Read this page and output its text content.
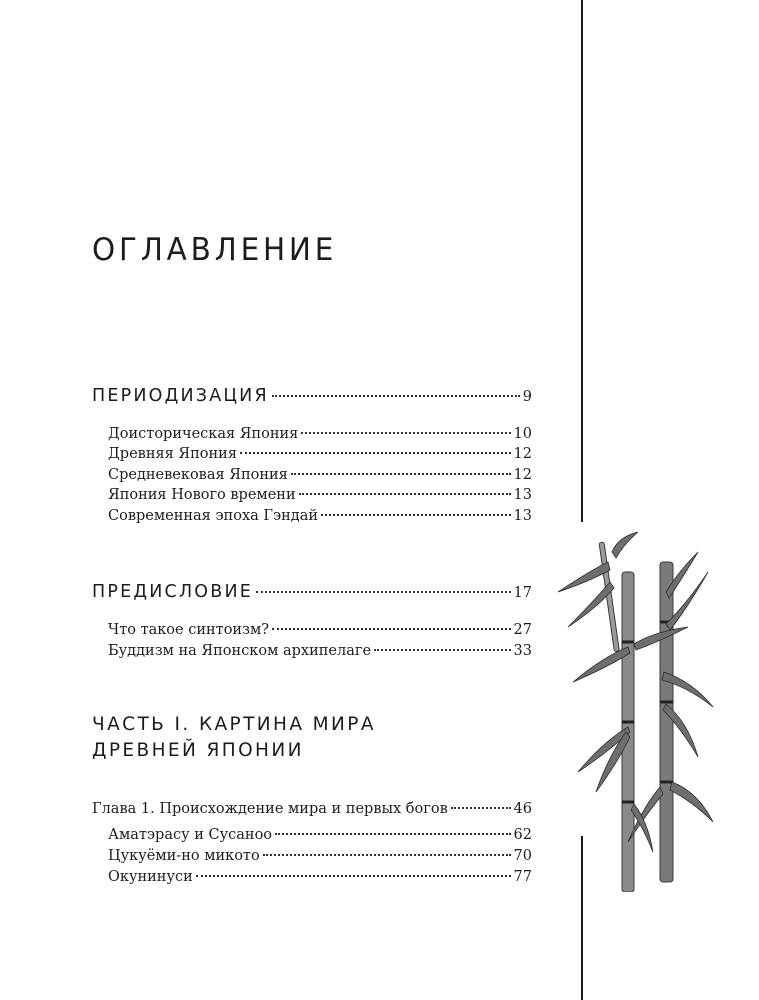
ОГЛАВЛЕНИЕ
ПЕРИОДИЗАЦИЯ	9
Доисторическая Япония	10
Древняя Япония	12
Средневековая Япония	12
Япония Нового времени	13
Современная эпоха Гэндай	13
ПРЕДИСЛОВИЕ	17
Что такое синтоизм?	27
Буддизм на Японском архипелаге	33
ЧАСТЬ I. КАРТИНА МИРА
ДРЕВНЕЙ ЯПОНИИ
Глава 1. Происхождение мира и первых богов	46
Аматэрасу и Сусаноо	62
Цукуёми-но микото	70
Окунинуси	77
